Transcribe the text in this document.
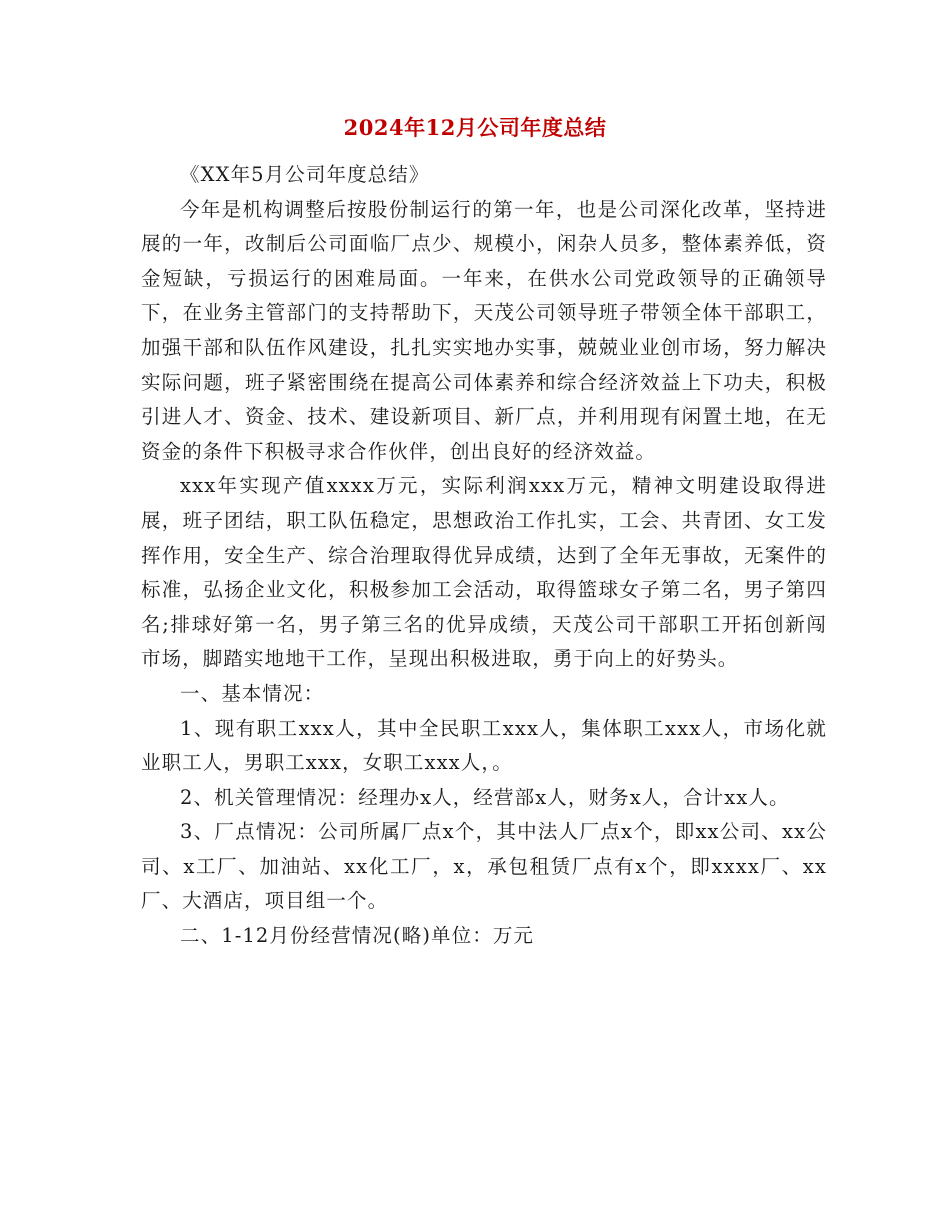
2024年12月公司年度总结

《XX年5月公司年度总结》

今年是机构调整后按股份制运行的第一年，也是公司深化改革，坚持进展的一年，改制后公司面临厂点少、规模小，闲杂人员多，整体素养低，资金短缺，亏损运行的困难局面。一年来，在供水公司党政领导的正确领导下，在业务主管部门的支持帮助下，天茂公司领导班子带领全体干部职工，加强干部和队伍作风建设，扎扎实实地办实事，兢兢业业创市场，努力解决实际问题，班子紧密围绕在提高公司体素养和综合经济效益上下功夫，积极引进人才、资金、技术、建设新项目、新厂点，并利用现有闲置土地，在无资金的条件下积极寻求合作伙伴，创出良好的经济效益。

xxx年实现产值xxxx万元，实际利润xxx万元，精神文明建设取得进展，班子团结，职工队伍稳定，思想政治工作扎实，工会、共青团、女工发挥作用，安全生产、综合治理取得优异成绩，达到了全年无事故，无案件的标准，弘扬企业文化，积极参加工会活动，取得篮球女子第二名，男子第四名;排球好第一名，男子第三名的优异成绩，天茂公司干部职工开拓创新闯市场，脚踏实地地干工作，呈现出积极进取，勇于向上的好势头。

一、基本情况：

1、现有职工xxx人，其中全民职工xxx人，集体职工xxx人，市场化就业职工人，男职工xxx，女职工xxx人，。

2、机关管理情况：经理办x人，经营部x人，财务x人，合计xx人。

3、厂点情况：公司所属厂点x个，其中法人厂点x个，即xx公司、xx公司、x工厂、加油站、xx化工厂，x，承包租赁厂点有x个，即xxxx厂、xx厂、大酒店，项目组一个。

二、1-12月份经营情况(略)单位：万元
